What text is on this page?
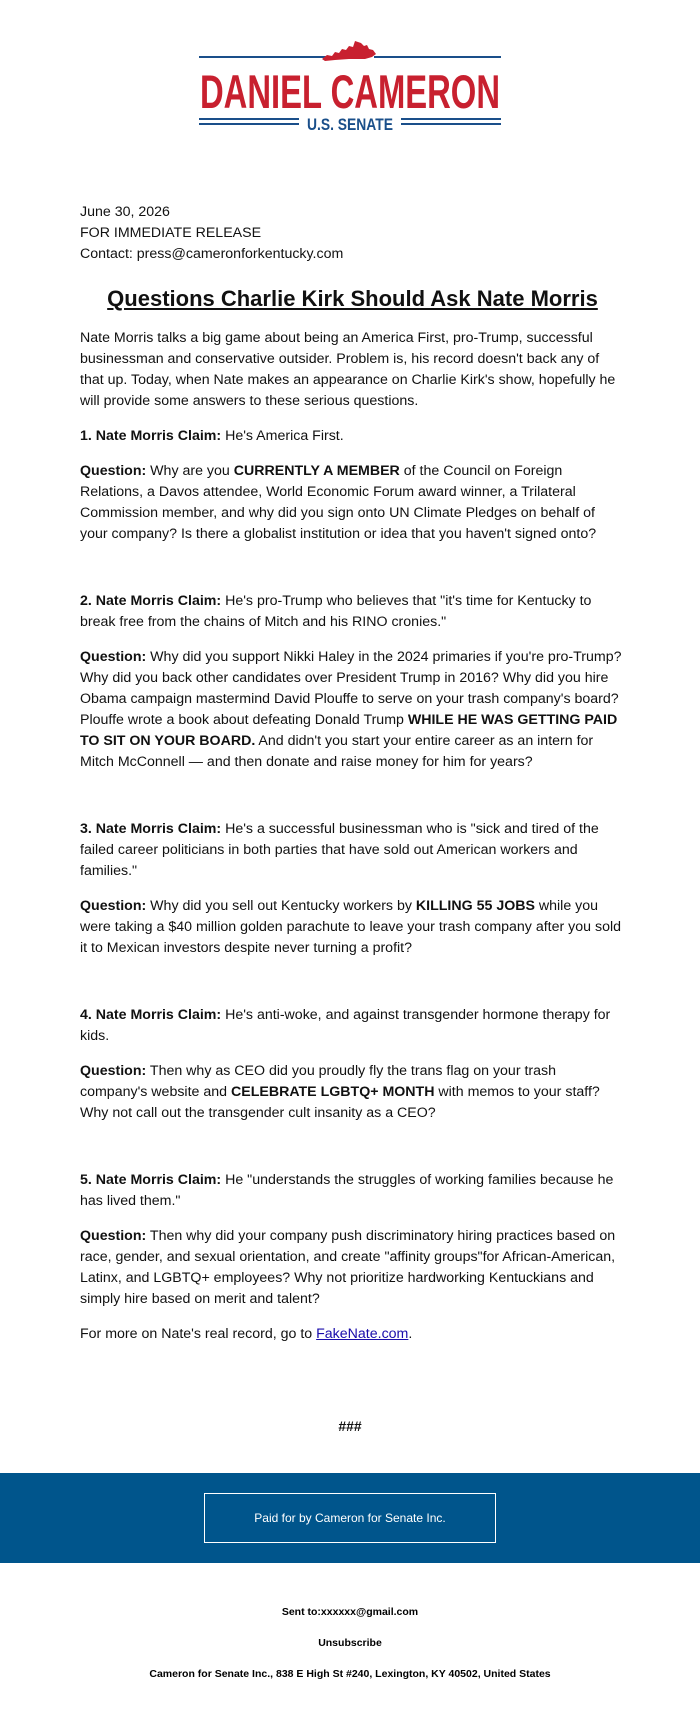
DANIEL CAMERON
U.S. SENATE
June 30, 2026
FOR IMMEDIATE RELEASE
Contact: press@cameronforkentucky.com
Questions Charlie Kirk Should Ask Nate Morris

Nate Morris talks a big game about being an America First, pro-Trump, successful businessman and conservative outsider. Problem is, his record doesn't back any of that up. Today, when Nate makes an appearance on Charlie Kirk's show, hopefully he will provide some answers to these serious questions.

1. Nate Morris Claim: He's America First.

Question: Why are you CURRENTLY A MEMBER of the Council on Foreign Relations, a Davos attendee, World Economic Forum award winner, a Trilateral Commission member, and why did you sign onto UN Climate Pledges on behalf of your company? Is there a globalist institution or idea that you haven't signed onto?

2. Nate Morris Claim: He's pro-Trump who believes that "it's time for Kentucky to break free from the chains of Mitch and his RINO cronies."

Question: Why did you support Nikki Haley in the 2024 primaries if you're pro-Trump? Why did you back other candidates over President Trump in 2016? Why did you hire Obama campaign mastermind David Plouffe to serve on your trash company's board? Plouffe wrote a book about defeating Donald Trump WHILE HE WAS GETTING PAID TO SIT ON YOUR BOARD. And didn't you start your entire career as an intern for Mitch McConnell — and then donate and raise money for him for years?

3. Nate Morris Claim: He's a successful businessman who is "sick and tired of the failed career politicians in both parties that have sold out American workers and families."

Question: Why did you sell out Kentucky workers by KILLING 55 JOBS while you were taking a $40 million golden parachute to leave your trash company after you sold it to Mexican investors despite never turning a profit?

4. Nate Morris Claim: He's anti-woke, and against transgender hormone therapy for kids.

Question: Then why as CEO did you proudly fly the trans flag on your trash company's website and CELEBRATE LGBTQ+ MONTH with memos to your staff? Why not call out the transgender cult insanity as a CEO?

5. Nate Morris Claim: He "understands the struggles of working families because he has lived them."

Question: Then why did your company push discriminatory hiring practices based on race, gender, and sexual orientation, and create "affinity groups"for African-American, Latinx, and LGBTQ+ employees? Why not prioritize hardworking Kentuckians and simply hire based on merit and talent?

For more on Nate's real record, go to FakeNate.com.

###
Paid for by Cameron for Senate Inc.
Sent to:xxxxxx@gmail.com
Unsubscribe
Cameron for Senate Inc., 838 E High St #240, Lexington, KY 40502, United States
